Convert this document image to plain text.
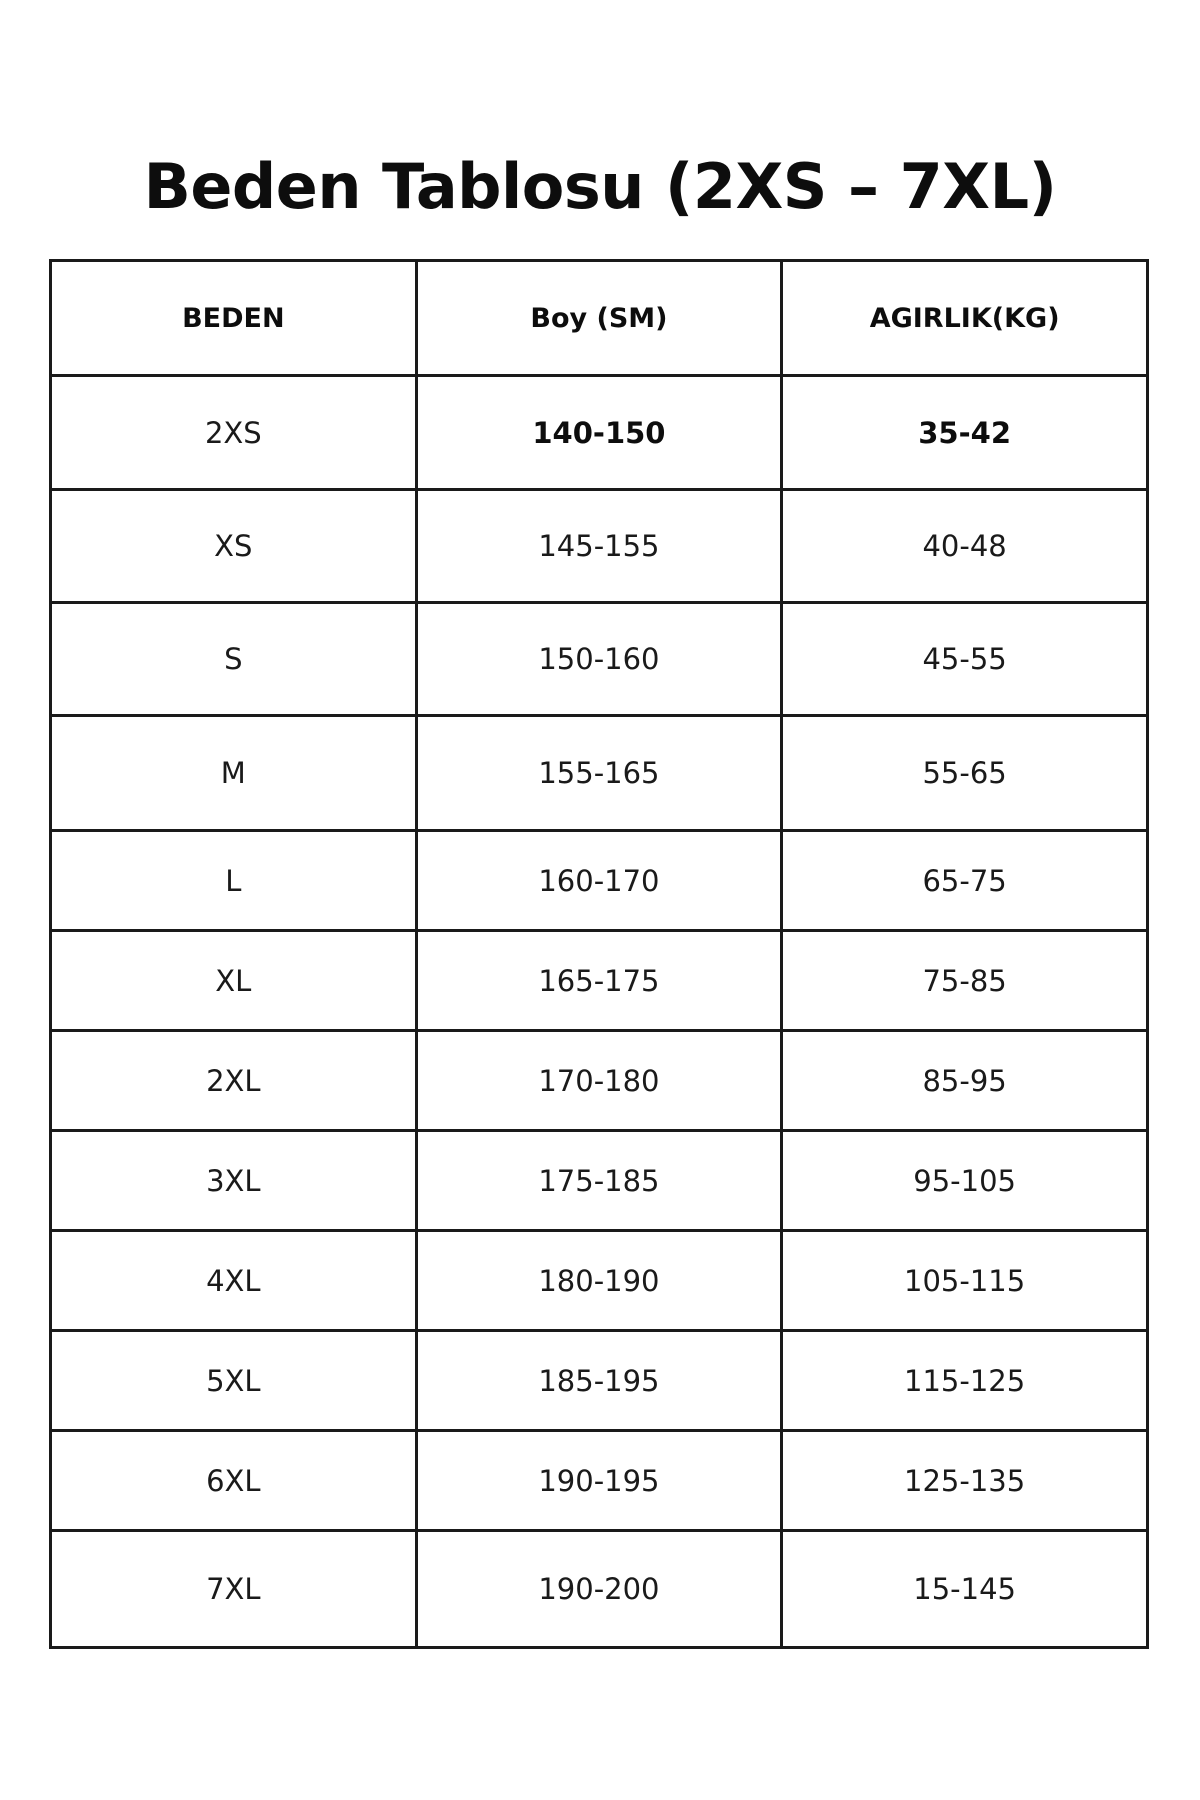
Beden Tablosu (2XS – 7XL)
BEDEN	Boy (SM)	AGIRLIK(KG)
2XS	140-150	35-42
XS	145-155	40-48
S	150-160	45-55
M	155-165	55-65
L	160-170	65-75
XL	165-175	75-85
2XL	170-180	85-95
3XL	175-185	95-105
4XL	180-190	105-115
5XL	185-195	115-125
6XL	190-195	125-135
7XL	190-200	15-145
